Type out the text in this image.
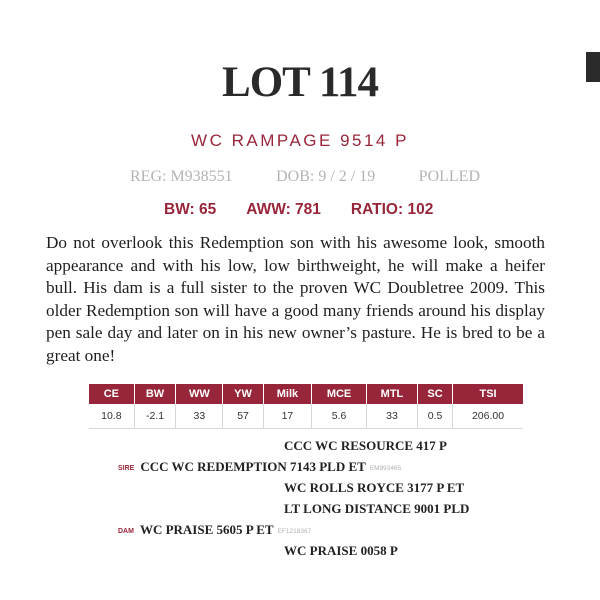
LOT 114
WC RAMPAGE 9514 P
REG: M938551	DOB: 9 / 2 / 19	POLLED
BW: 65 AWW: 781 RATIO: 102

Do not overlook this Redemption son with his awesome look, smooth appearance and with his low, low birthweight, he will make a heifer bull. His dam is a full sister to the proven WC Doubletree 2009. This older Redemption son will have a good many friends around his display pen sale day and later on in his new owner’s pasture. He is bred to be a great one!

CE	BW	WW	YW	Milk	MCE	MTL	SC	TSI
10.8	-2.1	33	57	17	5.6	33	0.5	206.00
CCC WC RESOURCE 417 P
SIRE CCC WC REDEMPTION 7143 PLD ET EM893465
WC ROLLS ROYCE 3177 P ET
LT LONG DISTANCE 9001 PLD
DAM WC PRAISE 5605 P ET EF1218367
WC PRAISE 0058 P
